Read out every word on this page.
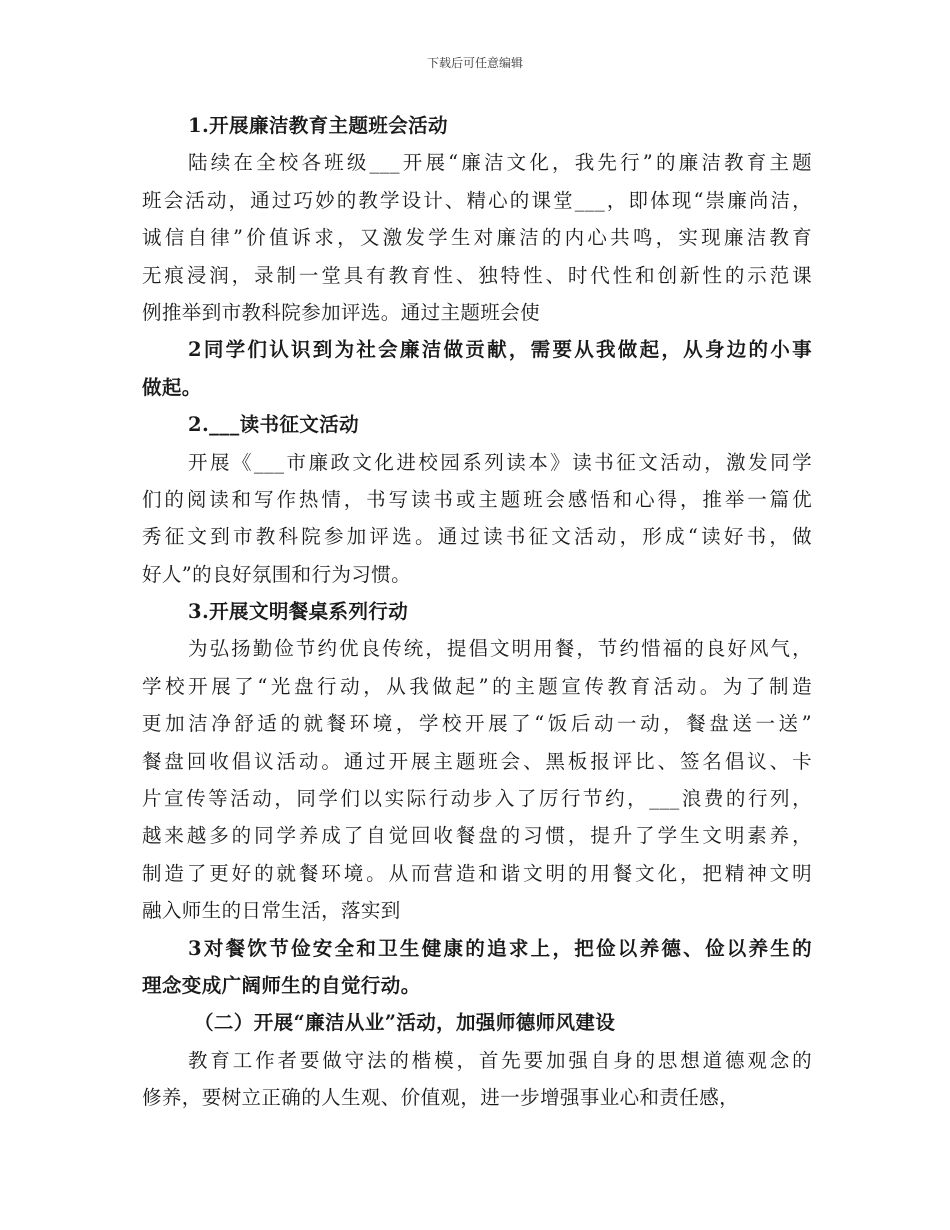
下载后可任意编辑
1.开展廉洁教育主题班会活动
陆续在全校各班级___开展“廉洁文化，我先行”的廉洁教育主题
班会活动，通过巧妙的教学设计、精心的课堂___，即体现“崇廉尚洁，
诚信自律”价值诉求，又激发学生对廉洁的内心共鸣，实现廉洁教育
无痕浸润，录制一堂具有教育性、独特性、时代性和创新性的示范课
例推举到市教科院参加评选。通过主题班会使
2同学们认识到为社会廉洁做贡献，需要从我做起，从身边的小事
做起。
2.___读书征文活动
开展《___市廉政文化进校园系列读本》读书征文活动，激发同学
们的阅读和写作热情，书写读书或主题班会感悟和心得，推举一篇优
秀征文到市教科院参加评选。通过读书征文活动，形成“读好书，做
好人”的良好氛围和行为习惯。
3.开展文明餐桌系列行动
为弘扬勤俭节约优良传统，提倡文明用餐，节约惜福的良好风气，
学校开展了“光盘行动，从我做起”的主题宣传教育活动。为了制造
更加洁净舒适的就餐环境，学校开展了“饭后动一动，餐盘送一送”
餐盘回收倡议活动。通过开展主题班会、黑板报评比、签名倡议、卡
片宣传等活动，同学们以实际行动步入了厉行节约，___浪费的行列，
越来越多的同学养成了自觉回收餐盘的习惯，提升了学生文明素养，
制造了更好的就餐环境。从而营造和谐文明的用餐文化，把精神文明
融入师生的日常生活，落实到
3对餐饮节俭安全和卫生健康的追求上，把俭以养德、俭以养生的
理念变成广阔师生的自觉行动。
（二）开展“廉洁从业”活动，加强师德师风建设
教育工作者要做守法的楷模，首先要加强自身的思想道德观念的
修养，要树立正确的人生观、价值观，进一步增强事业心和责任感，
